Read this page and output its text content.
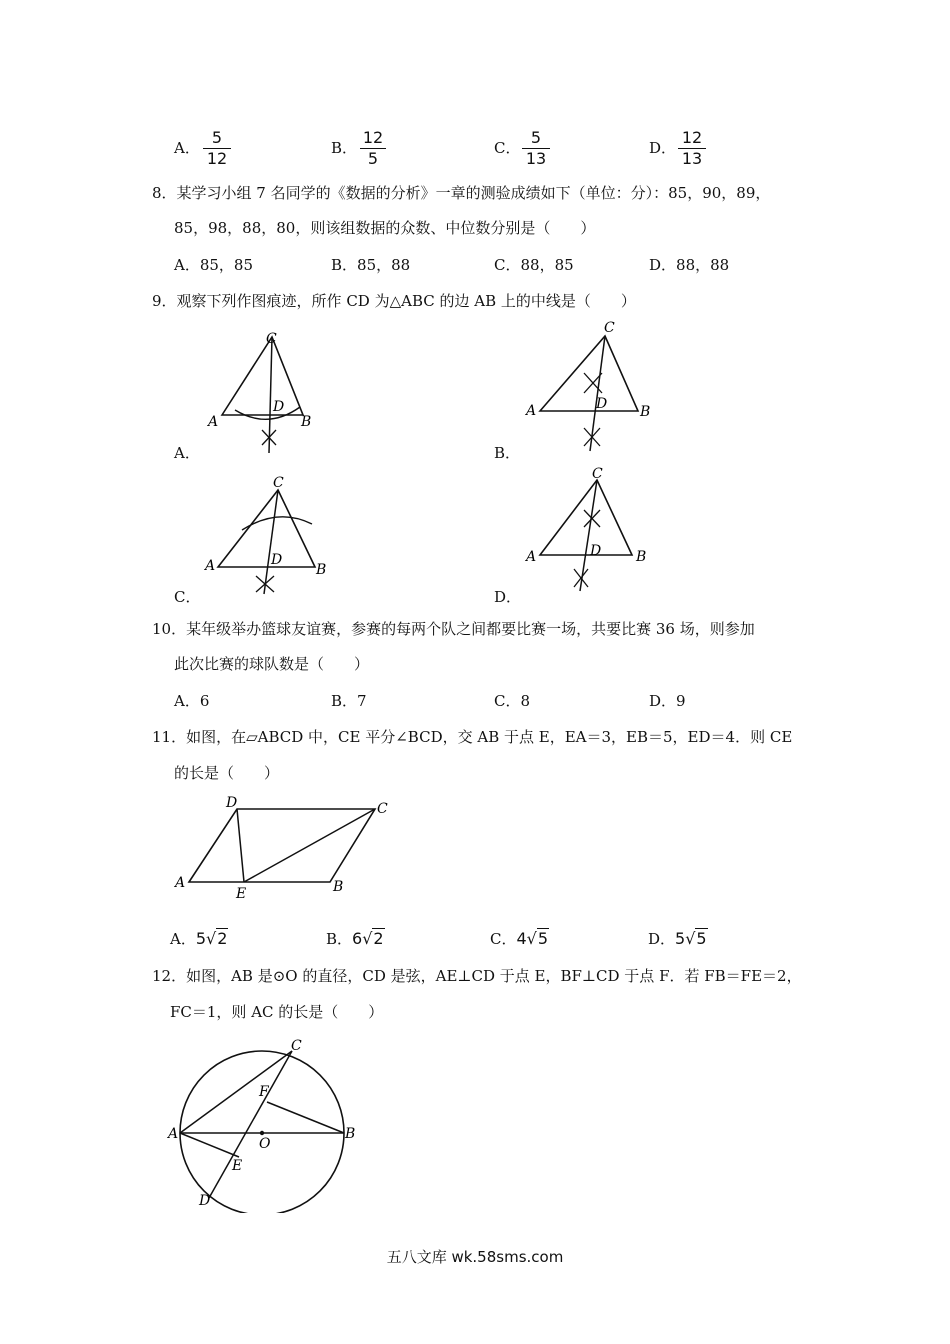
A．
5
12
B．
12
5
C．
5
13
D．
12
13
8．某学习小组 7 名同学的《数据的分析》一章的测验成绩如下（单位：分）：85，90，89，
85，98，88，80，则该组数据的众数、中位数分别是（　　）
A．85，85	B．85，88	C．88，85	D．88，88
9．观察下列作图痕迹，所作 CD 为△ABC 的边 AB 上的中线是（　　）
A
C
D
B
A．
A
C
D B
B．
A
C
D
B
C．
A
C
D B
D．
10．某年级举办篮球友谊赛，参赛的每两个队之间都要比赛一场，共要比赛 36 场，则参加
此次比赛的球队数是（　　）
A．6	B．7	C．8	D．9
11．如图，在▱ABCD 中，CE 平分∠BCD，交 AB 于点 E，EA＝3，EB＝5，ED＝4．则 CE
的长是（　　）
A
D	C
B
E
A．5√2	B．6√2	C．4√5	D．5√5
12．如图，AB 是⊙O 的直径，CD 是弦，AE⊥CD 于点 E，BF⊥CD 于点 F．若 FB＝FE＝2，
FC＝1，则 AC 的长是（　　）
A	B
C
D
E
F
O
五八文库 wk.58sms.com
